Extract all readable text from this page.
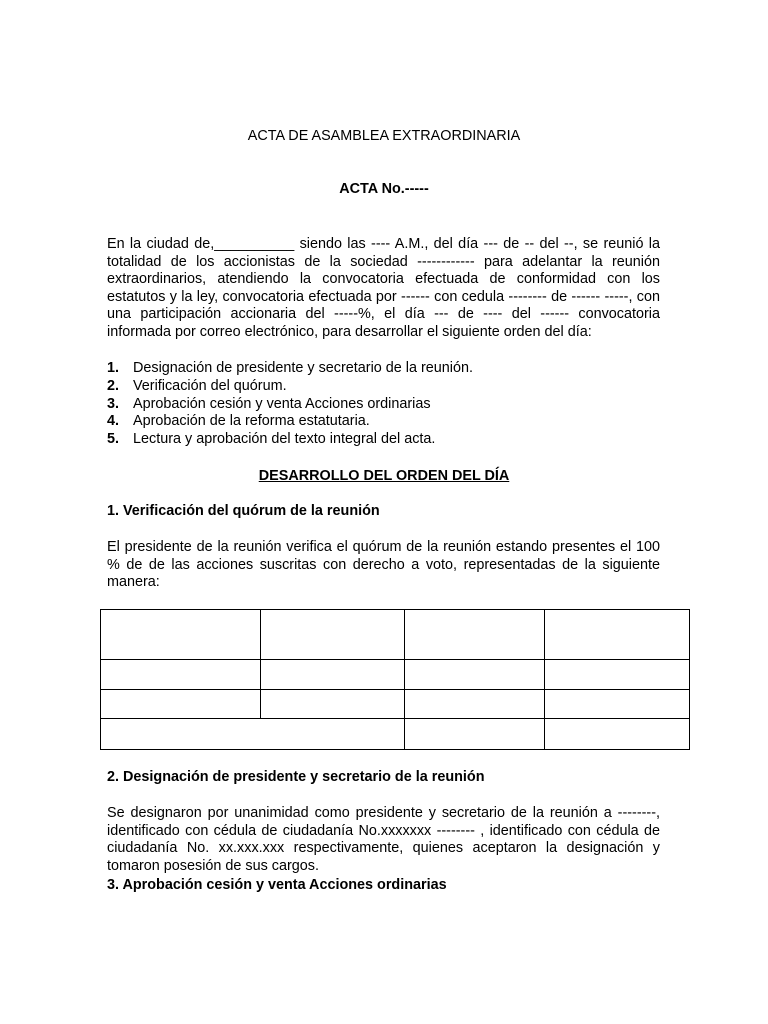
ACTA DE ASAMBLEA EXTRAORDINARIA
ACTA No.-----
En la ciudad de,__________ siendo las ---- A.M., del día --- de -- del --, se reunió la totalidad de los accionistas de la sociedad ------------ para adelantar la reunión extraordinarios, atendiendo la convocatoria efectuada de conformidad con los estatutos y la ley, convocatoria efectuada por ------ con cedula -------- de ------ -----, con una participación accionaria del -----%, el día --- de ---- del ------ convocatoria informada por correo electrónico, para desarrollar el siguiente orden del día:
1. Designación de presidente y secretario de la reunión.
2. Verificación del quórum.
3. Aprobación cesión y venta Acciones ordinarias
4. Aprobación de la reforma estatutaria.
5. Lectura y aprobación del texto integral del acta.
DESARROLLO DEL ORDEN DEL DÍA
1. Verificación del quórum de la reunión
El presidente de la reunión verifica el quórum de la reunión estando presentes el 100 % de de las acciones suscritas con derecho a voto, representadas de la siguiente manera:

2. Designación de presidente y secretario de la reunión
Se designaron por unanimidad como presidente y secretario de la reunión a --------, identificado con cédula de ciudadanía No.xxxxxxx -------- , identificado con cédula de ciudadanía No. xx.xxx.xxx respectivamente, quienes aceptaron la designación y tomaron posesión de sus cargos.
3. Aprobación cesión y venta Acciones ordinarias
